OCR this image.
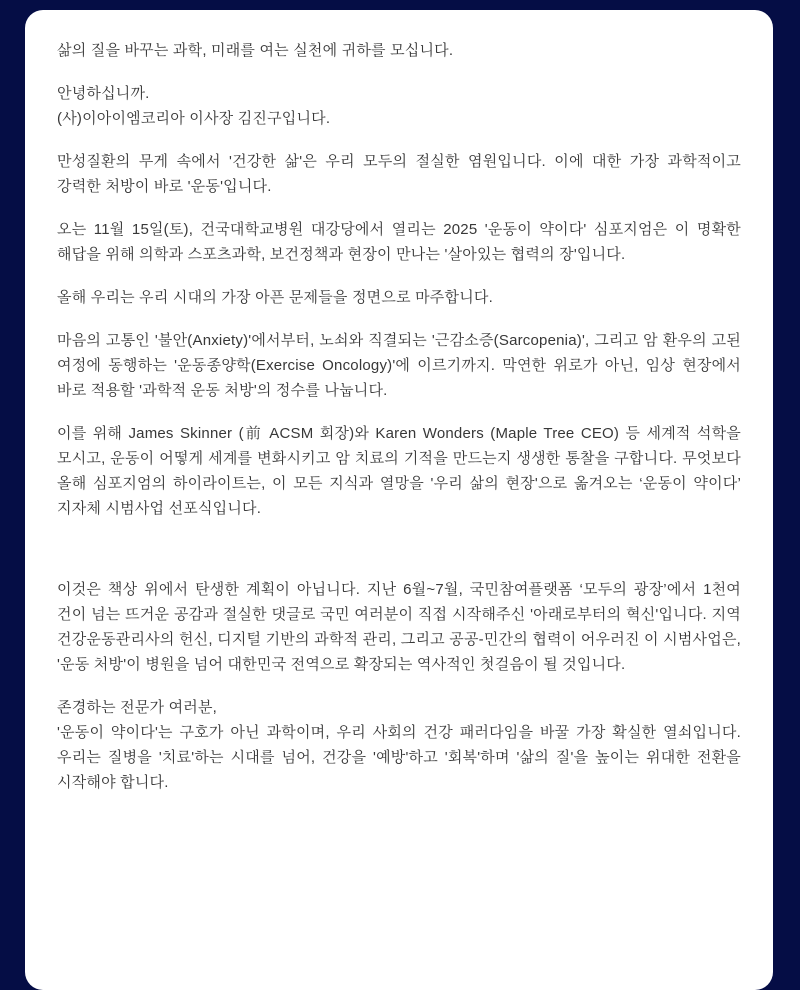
삶의 질을 바꾸는 과학, 미래를 여는 실천에 귀하를 모십니다.

안녕하십니까.

(사)이아이엠코리아 이사장 김진구입니다.

만성질환의 무게 속에서 '건강한 삶'은 우리 모두의 절실한 염원입니다. 이에 대한 가장 과학적이고 강력한 처방이 바로 '운동'입니다.

오는 11월 15일(토), 건국대학교병원 대강당에서 열리는 2025 '운동이 약이다' 심포지엄은 이 명확한 해답을 위해 의학과 스포츠과학, 보건정책과 현장이 만나는 '살아있는 협력의 장'입니다.

올해 우리는 우리 시대의 가장 아픈 문제들을 정면으로 마주합니다.

마음의 고통인 '불안(Anxiety)'에서부터, 노쇠와 직결되는 '근감소증(Sarcopenia)', 그리고 암 환우의 고된 여정에 동행하는 '운동종양학(Exercise Oncology)'에 이르기까지. 막연한 위로가 아닌, 임상 현장에서 바로 적용할 '과학적 운동 처방'의 정수를 나눕니다.

이를 위해 James Skinner (前 ACSM 회장)와 Karen Wonders (Maple Tree CEO) 등 세계적 석학을 모시고, 운동이 어떻게 세계를 변화시키고 암 치료의 기적을 만드는지 생생한 통찰을 구합니다. 무엇보다 올해 심포지엄의 하이라이트는, 이 모든 지식과 열망을 '우리 삶의 현장'으로 옮겨오는 ‘운동이 약이다’ 지자체 시범사업 선포식입니다.

이것은 책상 위에서 탄생한 계획이 아닙니다. 지난 6월~7월, 국민참여플랫폼 ‘모두의 광장’에서 1천여 건이 넘는 뜨거운 공감과 절실한 댓글로 국민 여러분이 직접 시작해주신 '아래로부터의 혁신'입니다. 지역 건강운동관리사의 헌신, 디지털 기반의 과학적 관리, 그리고 공공-민간의 협력이 어우러진 이 시범사업은, '운동 처방'이 병원을 넘어 대한민국 전역으로 확장되는 역사적인 첫걸음이 될 것입니다.

존경하는 전문가 여러분,

'운동이 약이다'는 구호가 아닌 과학이며, 우리 사회의 건강 패러다임을 바꿀 가장 확실한 열쇠입니다. 우리는 질병을 '치료'하는 시대를 넘어, 건강을 '예방'하고 '회복'하며 '삶의 질'을 높이는 위대한 전환을 시작해야 합니다.
